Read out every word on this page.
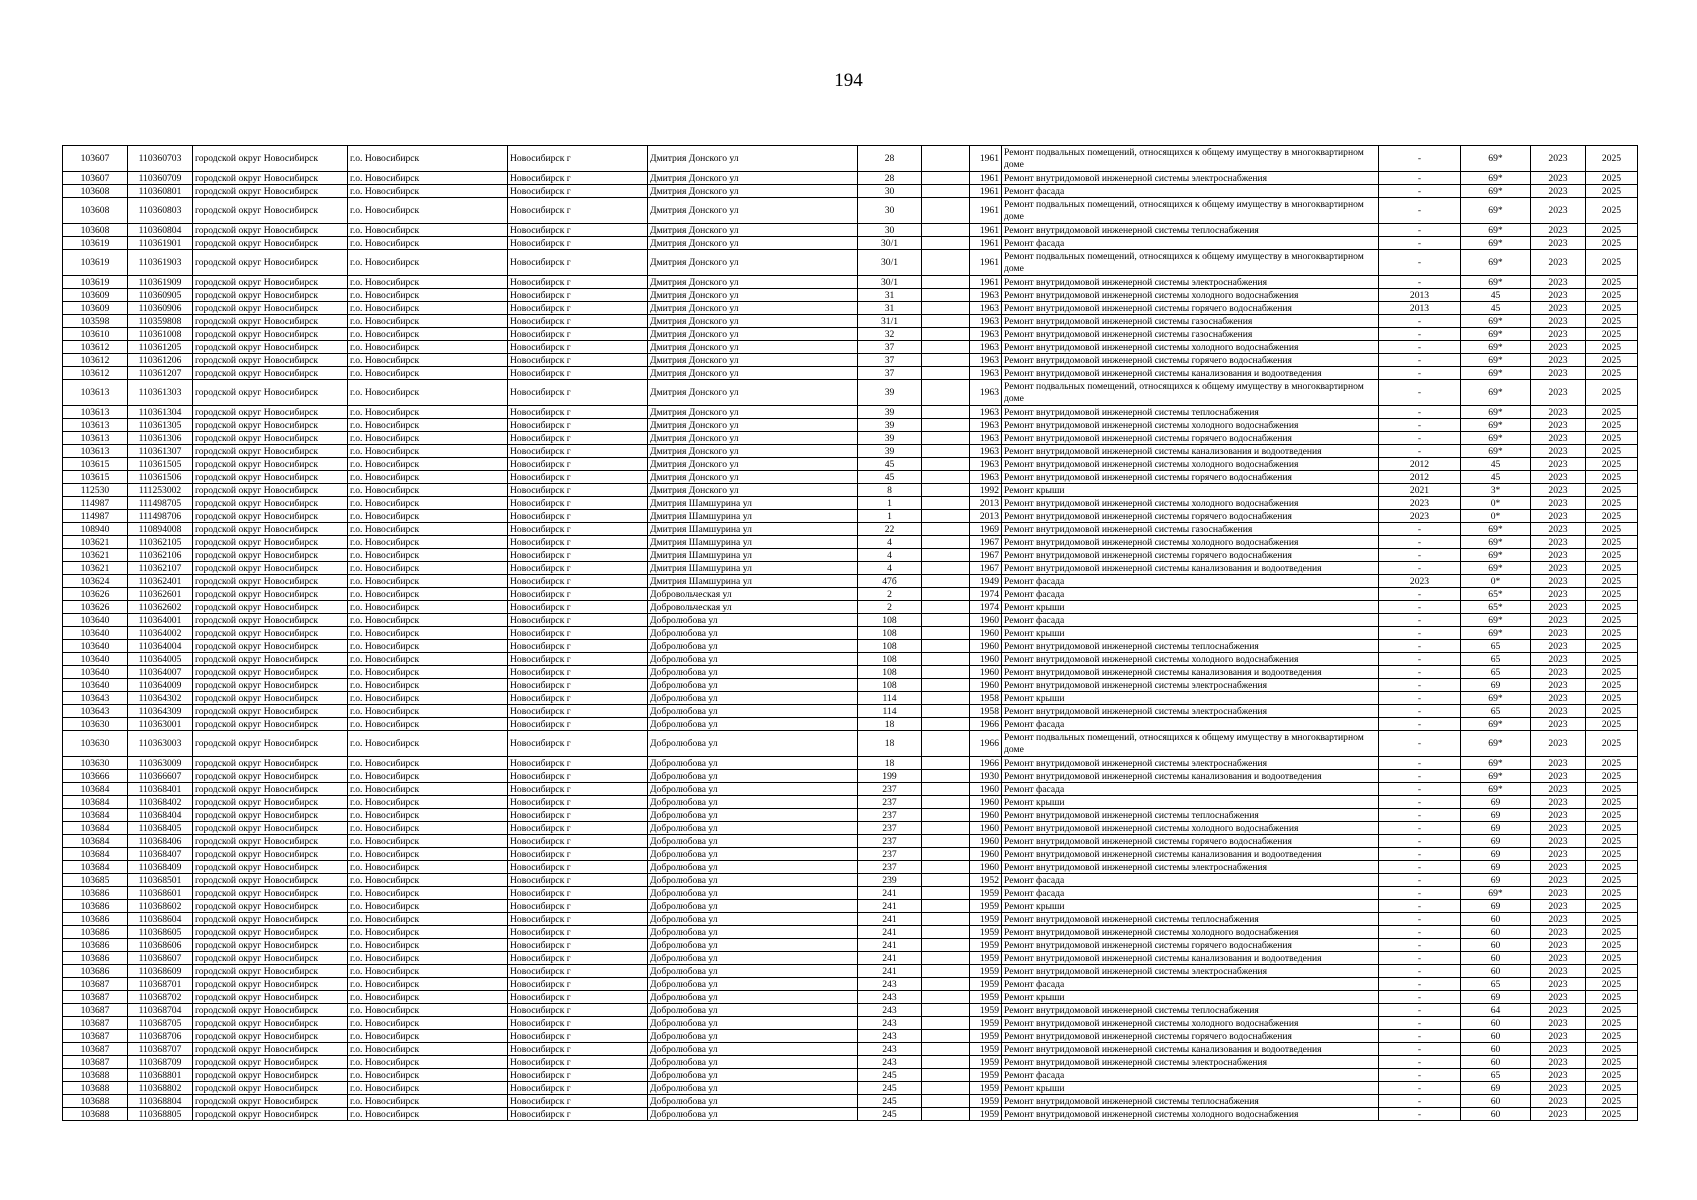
194
103607	110360703	городской округ Новосибирск	г.о. Новосибирск	Новосибирск г	Дмитрия Донского ул	28		1961	Ремонт подвальных помещений, относящихся к общему имуществу в многоквартирном доме	-	69*	2023	2025
103607	110360709	городской округ Новосибирск	г.о. Новосибирск	Новосибирск г	Дмитрия Донского ул	28		1961	Ремонт внутридомовой инженерной системы электроснабжения	-	69*	2023	2025
103608	110360801	городской округ Новосибирск	г.о. Новосибирск	Новосибирск г	Дмитрия Донского ул	30		1961	Ремонт фасада	-	69*	2023	2025
103608	110360803	городской округ Новосибирск	г.о. Новосибирск	Новосибирск г	Дмитрия Донского ул	30		1961	Ремонт подвальных помещений, относящихся к общему имуществу в многоквартирном доме	-	69*	2023	2025
103608	110360804	городской округ Новосибирск	г.о. Новосибирск	Новосибирск г	Дмитрия Донского ул	30		1961	Ремонт внутридомовой инженерной системы теплоснабжения	-	69*	2023	2025
103619	110361901	городской округ Новосибирск	г.о. Новосибирск	Новосибирск г	Дмитрия Донского ул	30/1		1961	Ремонт фасада	-	69*	2023	2025
103619	110361903	городской округ Новосибирск	г.о. Новосибирск	Новосибирск г	Дмитрия Донского ул	30/1		1961	Ремонт подвальных помещений, относящихся к общему имуществу в многоквартирном доме	-	69*	2023	2025
103619	110361909	городской округ Новосибирск	г.о. Новосибирск	Новосибирск г	Дмитрия Донского ул	30/1		1961	Ремонт внутридомовой инженерной системы электроснабжения	-	69*	2023	2025
103609	110360905	городской округ Новосибирск	г.о. Новосибирск	Новосибирск г	Дмитрия Донского ул	31		1963	Ремонт внутридомовой инженерной системы холодного водоснабжения	2013	45	2023	2025
103609	110360906	городской округ Новосибирск	г.о. Новосибирск	Новосибирск г	Дмитрия Донского ул	31		1963	Ремонт внутридомовой инженерной системы горячего водоснабжения	2013	45	2023	2025
103598	110359808	городской округ Новосибирск	г.о. Новосибирск	Новосибирск г	Дмитрия Донского ул	31/1		1963	Ремонт внутридомовой инженерной системы газоснабжения	-	69*	2023	2025
103610	110361008	городской округ Новосибирск	г.о. Новосибирск	Новосибирск г	Дмитрия Донского ул	32		1963	Ремонт внутридомовой инженерной системы газоснабжения	-	69*	2023	2025
103612	110361205	городской округ Новосибирск	г.о. Новосибирск	Новосибирск г	Дмитрия Донского ул	37		1963	Ремонт внутридомовой инженерной системы холодного водоснабжения	-	69*	2023	2025
103612	110361206	городской округ Новосибирск	г.о. Новосибирск	Новосибирск г	Дмитрия Донского ул	37		1963	Ремонт внутридомовой инженерной системы горячего водоснабжения	-	69*	2023	2025
103612	110361207	городской округ Новосибирск	г.о. Новосибирск	Новосибирск г	Дмитрия Донского ул	37		1963	Ремонт внутридомовой инженерной системы канализования и водоотведения	-	69*	2023	2025
103613	110361303	городской округ Новосибирск	г.о. Новосибирск	Новосибирск г	Дмитрия Донского ул	39		1963	Ремонт подвальных помещений, относящихся к общему имуществу в многоквартирном доме	-	69*	2023	2025
103613	110361304	городской округ Новосибирск	г.о. Новосибирск	Новосибирск г	Дмитрия Донского ул	39		1963	Ремонт внутридомовой инженерной системы теплоснабжения	-	69*	2023	2025
103613	110361305	городской округ Новосибирск	г.о. Новосибирск	Новосибирск г	Дмитрия Донского ул	39		1963	Ремонт внутридомовой инженерной системы холодного водоснабжения	-	69*	2023	2025
103613	110361306	городской округ Новосибирск	г.о. Новосибирск	Новосибирск г	Дмитрия Донского ул	39		1963	Ремонт внутридомовой инженерной системы горячего водоснабжения	-	69*	2023	2025
103613	110361307	городской округ Новосибирск	г.о. Новосибирск	Новосибирск г	Дмитрия Донского ул	39		1963	Ремонт внутридомовой инженерной системы канализования и водоотведения	-	69*	2023	2025
103615	110361505	городской округ Новосибирск	г.о. Новосибирск	Новосибирск г	Дмитрия Донского ул	45		1963	Ремонт внутридомовой инженерной системы холодного водоснабжения	2012	45	2023	2025
103615	110361506	городской округ Новосибирск	г.о. Новосибирск	Новосибирск г	Дмитрия Донского ул	45		1963	Ремонт внутридомовой инженерной системы горячего водоснабжения	2012	45	2023	2025
112530	111253002	городской округ Новосибирск	г.о. Новосибирск	Новосибирск г	Дмитрия Донского ул	8		1992	Ремонт крыши	2021	3*	2023	2025
114987	111498705	городской округ Новосибирск	г.о. Новосибирск	Новосибирск г	Дмитрия Шамшурина ул	1		2013	Ремонт внутридомовой инженерной системы холодного водоснабжения	2023	0*	2023	2025
114987	111498706	городской округ Новосибирск	г.о. Новосибирск	Новосибирск г	Дмитрия Шамшурина ул	1		2013	Ремонт внутридомовой инженерной системы горячего водоснабжения	2023	0*	2023	2025
108940	110894008	городской округ Новосибирск	г.о. Новосибирск	Новосибирск г	Дмитрия Шамшурина ул	22		1969	Ремонт внутридомовой инженерной системы газоснабжения	-	69*	2023	2025
103621	110362105	городской округ Новосибирск	г.о. Новосибирск	Новосибирск г	Дмитрия Шамшурина ул	4		1967	Ремонт внутридомовой инженерной системы холодного водоснабжения	-	69*	2023	2025
103621	110362106	городской округ Новосибирск	г.о. Новосибирск	Новосибирск г	Дмитрия Шамшурина ул	4		1967	Ремонт внутридомовой инженерной системы горячего водоснабжения	-	69*	2023	2025
103621	110362107	городской округ Новосибирск	г.о. Новосибирск	Новосибирск г	Дмитрия Шамшурина ул	4		1967	Ремонт внутридомовой инженерной системы канализования и водоотведения	-	69*	2023	2025
103624	110362401	городской округ Новосибирск	г.о. Новосибирск	Новосибирск г	Дмитрия Шамшурина ул	47б		1949	Ремонт фасада	2023	0*	2023	2025
103626	110362601	городской округ Новосибирск	г.о. Новосибирск	Новосибирск г	Добровольческая ул	2		1974	Ремонт фасада	-	65*	2023	2025
103626	110362602	городской округ Новосибирск	г.о. Новосибирск	Новосибирск г	Добровольческая ул	2		1974	Ремонт крыши	-	65*	2023	2025
103640	110364001	городской округ Новосибирск	г.о. Новосибирск	Новосибирск г	Добролюбова ул	108		1960	Ремонт фасада	-	69*	2023	2025
103640	110364002	городской округ Новосибирск	г.о. Новосибирск	Новосибирск г	Добролюбова ул	108		1960	Ремонт крыши	-	69*	2023	2025
103640	110364004	городской округ Новосибирск	г.о. Новосибирск	Новосибирск г	Добролюбова ул	108		1960	Ремонт внутридомовой инженерной системы теплоснабжения	-	65	2023	2025
103640	110364005	городской округ Новосибирск	г.о. Новосибирск	Новосибирск г	Добролюбова ул	108		1960	Ремонт внутридомовой инженерной системы холодного водоснабжения	-	65	2023	2025
103640	110364007	городской округ Новосибирск	г.о. Новосибирск	Новосибирск г	Добролюбова ул	108		1960	Ремонт внутридомовой инженерной системы канализования и водоотведения	-	65	2023	2025
103640	110364009	городской округ Новосибирск	г.о. Новосибирск	Новосибирск г	Добролюбова ул	108		1960	Ремонт внутридомовой инженерной системы электроснабжения	-	69	2023	2025
103643	110364302	городской округ Новосибирск	г.о. Новосибирск	Новосибирск г	Добролюбова ул	114		1958	Ремонт крыши	-	69*	2023	2025
103643	110364309	городской округ Новосибирск	г.о. Новосибирск	Новосибирск г	Добролюбова ул	114		1958	Ремонт внутридомовой инженерной системы электроснабжения	-	65	2023	2025
103630	110363001	городской округ Новосибирск	г.о. Новосибирск	Новосибирск г	Добролюбова ул	18		1966	Ремонт фасада	-	69*	2023	2025
103630	110363003	городской округ Новосибирск	г.о. Новосибирск	Новосибирск г	Добролюбова ул	18		1966	Ремонт подвальных помещений, относящихся к общему имуществу в многоквартирном доме	-	69*	2023	2025
103630	110363009	городской округ Новосибирск	г.о. Новосибирск	Новосибирск г	Добролюбова ул	18		1966	Ремонт внутридомовой инженерной системы электроснабжения	-	69*	2023	2025
103666	110366607	городской округ Новосибирск	г.о. Новосибирск	Новосибирск г	Добролюбова ул	199		1930	Ремонт внутридомовой инженерной системы канализования и водоотведения	-	69*	2023	2025
103684	110368401	городской округ Новосибирск	г.о. Новосибирск	Новосибирск г	Добролюбова ул	237		1960	Ремонт фасада	-	69*	2023	2025
103684	110368402	городской округ Новосибирск	г.о. Новосибирск	Новосибирск г	Добролюбова ул	237		1960	Ремонт крыши	-	69	2023	2025
103684	110368404	городской округ Новосибирск	г.о. Новосибирск	Новосибирск г	Добролюбова ул	237		1960	Ремонт внутридомовой инженерной системы теплоснабжения	-	69	2023	2025
103684	110368405	городской округ Новосибирск	г.о. Новосибирск	Новосибирск г	Добролюбова ул	237		1960	Ремонт внутридомовой инженерной системы холодного водоснабжения	-	69	2023	2025
103684	110368406	городской округ Новосибирск	г.о. Новосибирск	Новосибирск г	Добролюбова ул	237		1960	Ремонт внутридомовой инженерной системы горячего водоснабжения	-	69	2023	2025
103684	110368407	городской округ Новосибирск	г.о. Новосибирск	Новосибирск г	Добролюбова ул	237		1960	Ремонт внутридомовой инженерной системы канализования и водоотведения	-	69	2023	2025
103684	110368409	городской округ Новосибирск	г.о. Новосибирск	Новосибирск г	Добролюбова ул	237		1960	Ремонт внутридомовой инженерной системы электроснабжения	-	69	2023	2025
103685	110368501	городской округ Новосибирск	г.о. Новосибирск	Новосибирск г	Добролюбова ул	239		1952	Ремонт фасада	-	69	2023	2025
103686	110368601	городской округ Новосибирск	г.о. Новосибирск	Новосибирск г	Добролюбова ул	241		1959	Ремонт фасада	-	69*	2023	2025
103686	110368602	городской округ Новосибирск	г.о. Новосибирск	Новосибирск г	Добролюбова ул	241		1959	Ремонт крыши	-	69	2023	2025
103686	110368604	городской округ Новосибирск	г.о. Новосибирск	Новосибирск г	Добролюбова ул	241		1959	Ремонт внутридомовой инженерной системы теплоснабжения	-	60	2023	2025
103686	110368605	городской округ Новосибирск	г.о. Новосибирск	Новосибирск г	Добролюбова ул	241		1959	Ремонт внутридомовой инженерной системы холодного водоснабжения	-	60	2023	2025
103686	110368606	городской округ Новосибирск	г.о. Новосибирск	Новосибирск г	Добролюбова ул	241		1959	Ремонт внутридомовой инженерной системы горячего водоснабжения	-	60	2023	2025
103686	110368607	городской округ Новосибирск	г.о. Новосибирск	Новосибирск г	Добролюбова ул	241		1959	Ремонт внутридомовой инженерной системы канализования и водоотведения	-	60	2023	2025
103686	110368609	городской округ Новосибирск	г.о. Новосибирск	Новосибирск г	Добролюбова ул	241		1959	Ремонт внутридомовой инженерной системы электроснабжения	-	60	2023	2025
103687	110368701	городской округ Новосибирск	г.о. Новосибирск	Новосибирск г	Добролюбова ул	243		1959	Ремонт фасада	-	65	2023	2025
103687	110368702	городской округ Новосибирск	г.о. Новосибирск	Новосибирск г	Добролюбова ул	243		1959	Ремонт крыши	-	69	2023	2025
103687	110368704	городской округ Новосибирск	г.о. Новосибирск	Новосибирск г	Добролюбова ул	243		1959	Ремонт внутридомовой инженерной системы теплоснабжения	-	64	2023	2025
103687	110368705	городской округ Новосибирск	г.о. Новосибирск	Новосибирск г	Добролюбова ул	243		1959	Ремонт внутридомовой инженерной системы холодного водоснабжения	-	60	2023	2025
103687	110368706	городской округ Новосибирск	г.о. Новосибирск	Новосибирск г	Добролюбова ул	243		1959	Ремонт внутридомовой инженерной системы горячего водоснабжения	-	60	2023	2025
103687	110368707	городской округ Новосибирск	г.о. Новосибирск	Новосибирск г	Добролюбова ул	243		1959	Ремонт внутридомовой инженерной системы канализования и водоотведения	-	60	2023	2025
103687	110368709	городской округ Новосибирск	г.о. Новосибирск	Новосибирск г	Добролюбова ул	243		1959	Ремонт внутридомовой инженерной системы электроснабжения	-	60	2023	2025
103688	110368801	городской округ Новосибирск	г.о. Новосибирск	Новосибирск г	Добролюбова ул	245		1959	Ремонт фасада	-	65	2023	2025
103688	110368802	городской округ Новосибирск	г.о. Новосибирск	Новосибирск г	Добролюбова ул	245		1959	Ремонт крыши	-	69	2023	2025
103688	110368804	городской округ Новосибирск	г.о. Новосибирск	Новосибирск г	Добролюбова ул	245		1959	Ремонт внутридомовой инженерной системы теплоснабжения	-	60	2023	2025
103688	110368805	городской округ Новосибирск	г.о. Новосибирск	Новосибирск г	Добролюбова ул	245		1959	Ремонт внутридомовой инженерной системы холодного водоснабжения	-	60	2023	2025
